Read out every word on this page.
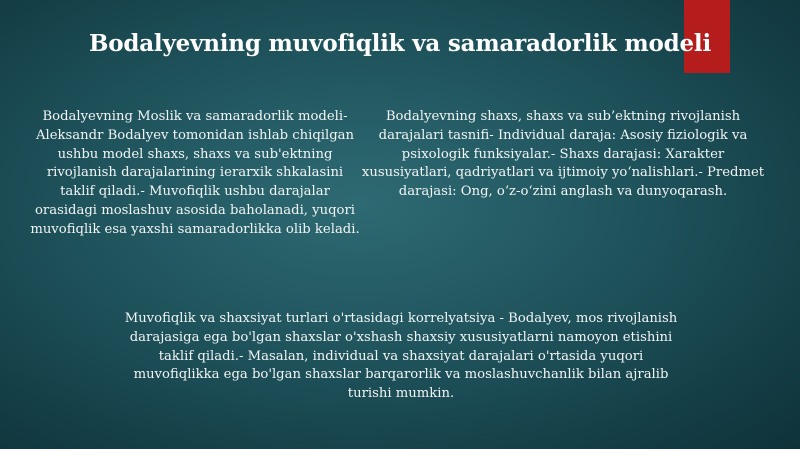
Bodalyevning muvofiqlik va samaradorlik modeli
Bodalyevning Moslik va samaradorlik modeli- Aleksandr Bodalyev tomonidan ishlab chiqilgan ushbu model shaxs, shaxs va sub'ektning rivojlanish darajalarining ierarxik shkalasini taklif qiladi.- Muvofiqlik ushbu darajalar orasidagi moslashuv asosida baholanadi, yuqori muvofiqlik esa yaxshi samaradorlikka olib keladi.
Bodalyevning shaxs, shaxs va sub’ektning rivojlanish darajalari tasnifi- Individual daraja: Asosiy fiziologik va psixologik funksiyalar.- Shaxs darajasi: Xarakter xususiyatlari, qadriyatlari va ijtimoiy yo‘nalishlari.- Predmet darajasi: Ong, o‘z-o‘zini anglash va dunyoqarash.
Muvofiqlik va shaxsiyat turlari o'rtasidagi korrelyatsiya - Bodalyev, mos rivojlanish darajasiga ega bo'lgan shaxslar o'xshash shaxsiy xususiyatlarni namoyon etishini taklif qiladi.- Masalan, individual va shaxsiyat darajalari o'rtasida yuqori muvofiqlikka ega bo'lgan shaxslar barqarorlik va moslashuvchanlik bilan ajralib turishi mumkin.
